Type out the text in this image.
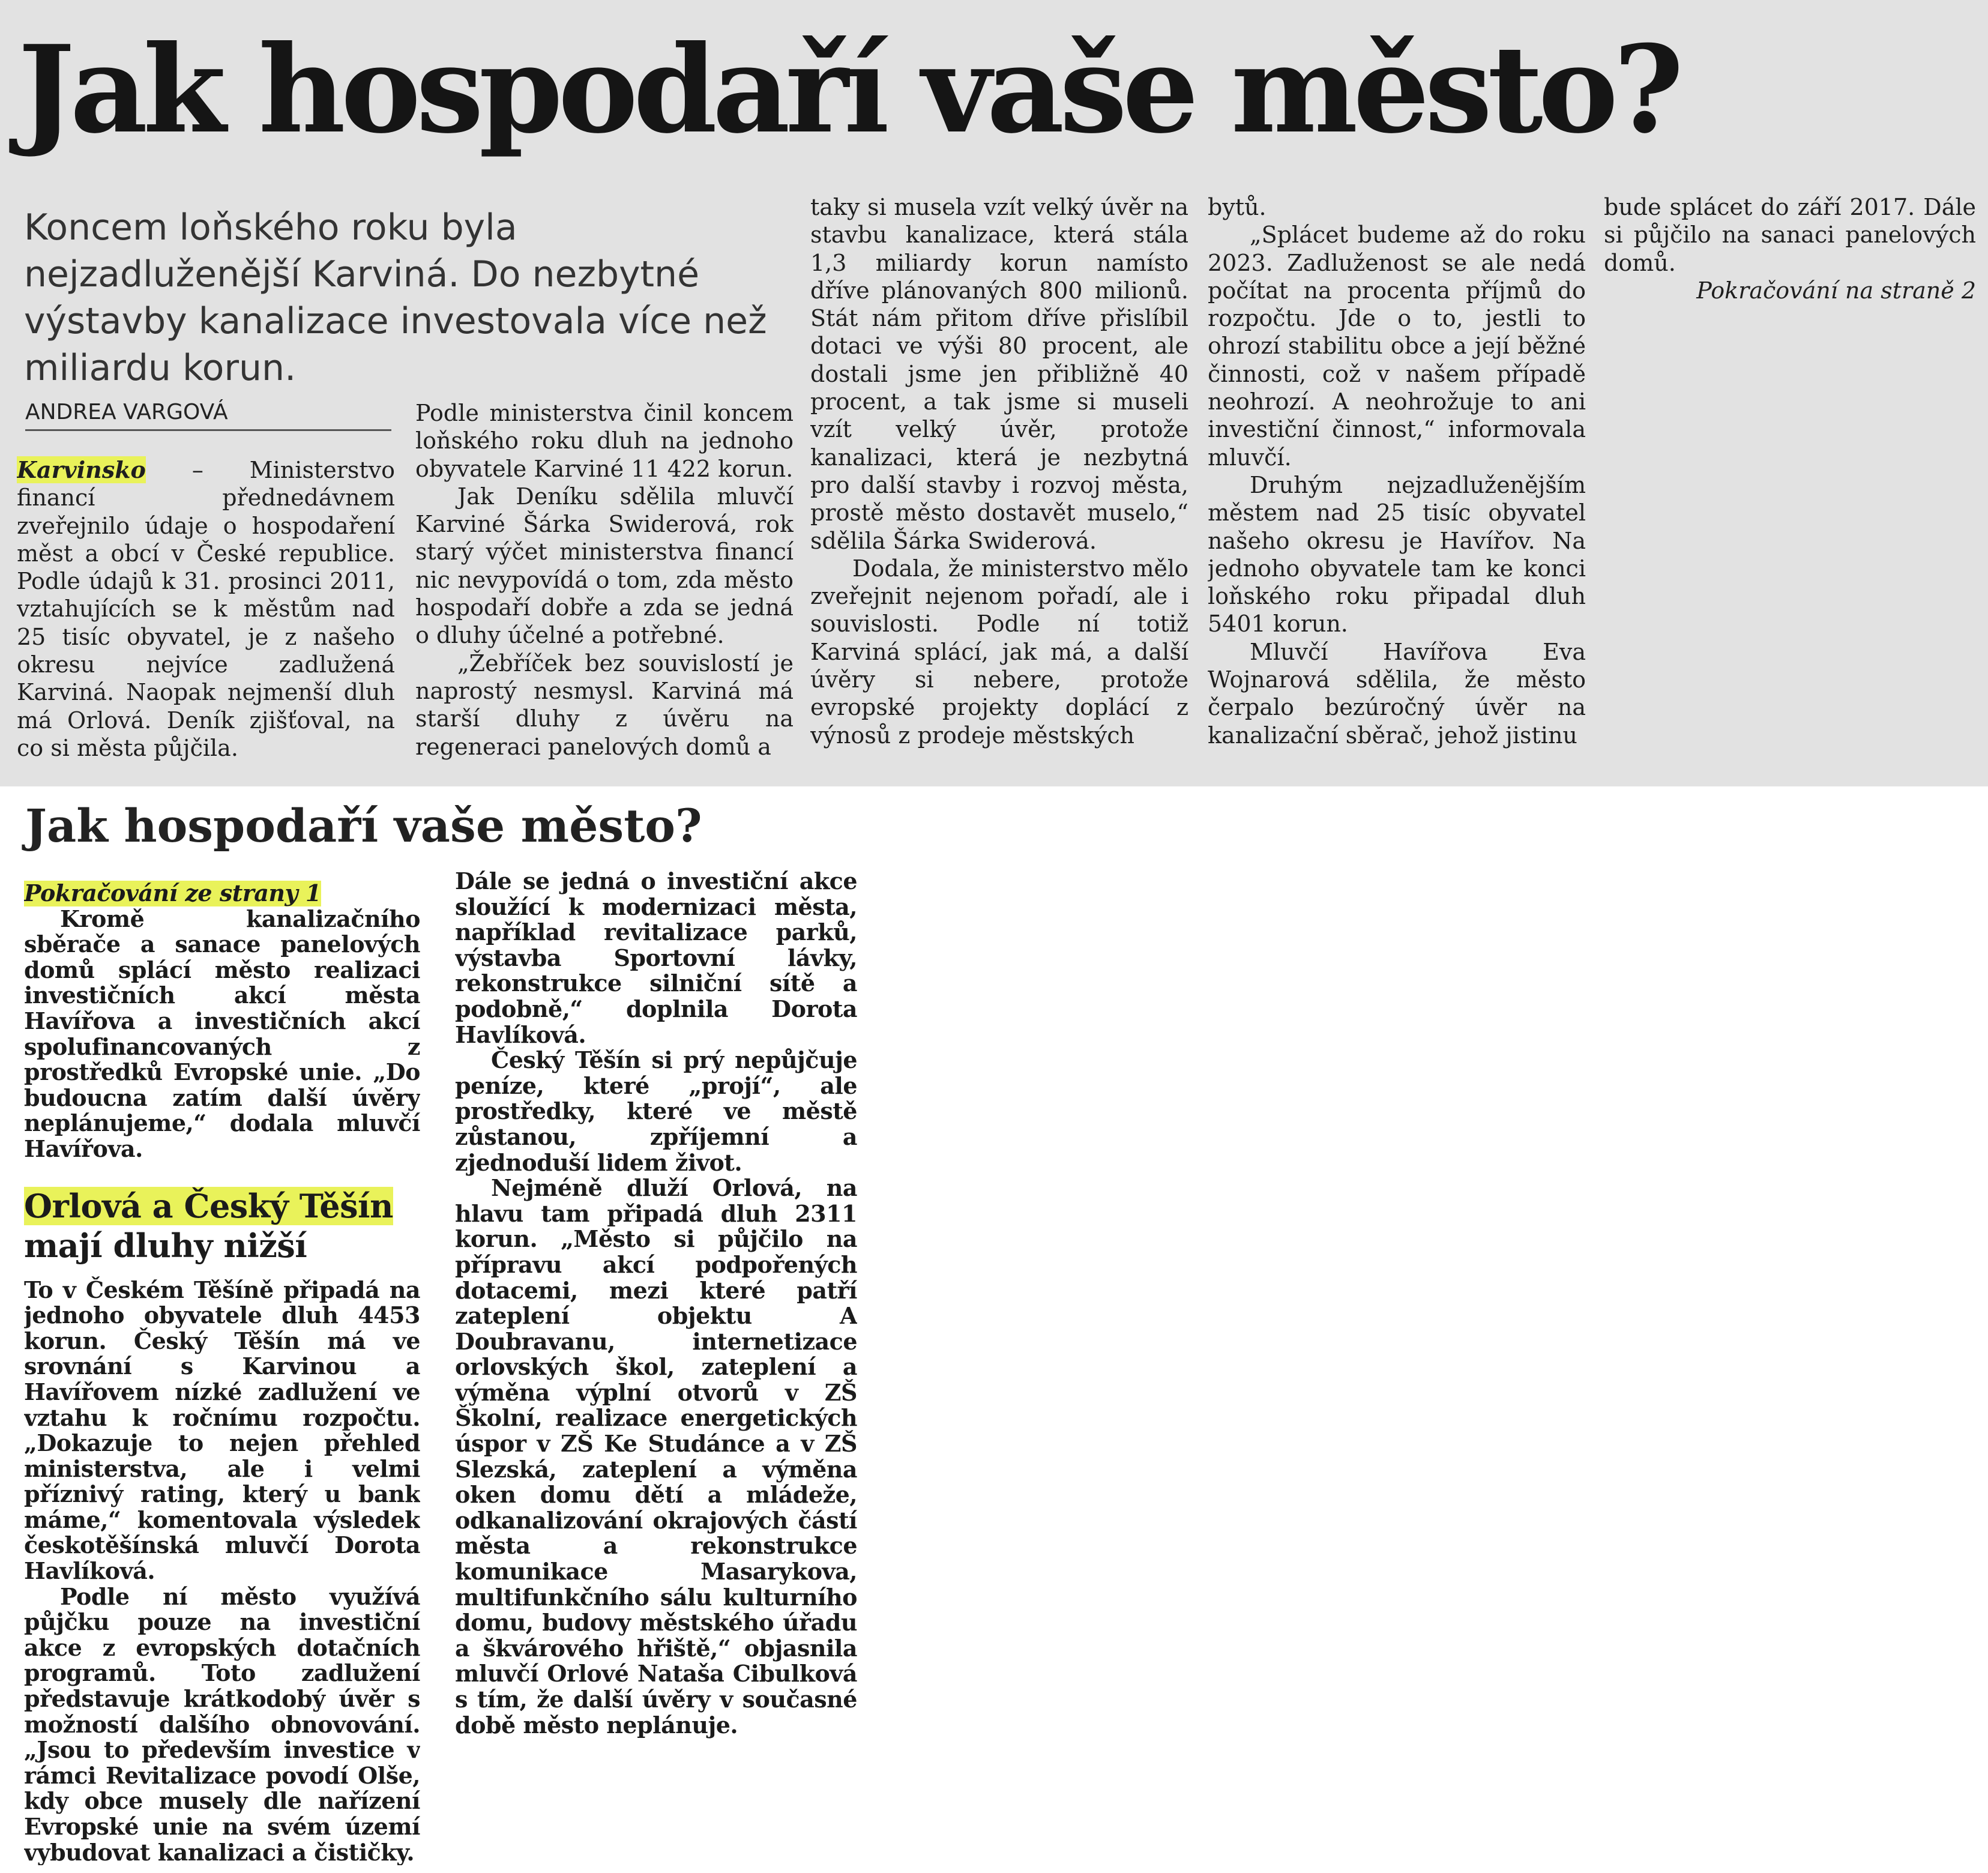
Jak hospodaří vaše město?

Koncem loňského roku byla nejzadluženější Karviná. Do nezbytné výstavby kanalizace investovala více než miliardu korun.

ANDREA VARGOVÁ

Karvinsko – Ministerstvo financí přednedávnem zveřejnilo údaje o hospodaření měst a obcí v České republice. Podle údajů k 31. prosinci 2011, vztahujících se k městům nad 25 tisíc obyvatel, je z našeho okresu nejvíce zadlužená Karviná. Naopak nejmenší dluh má Orlová. Deník zjišťoval, na co si města půjčila.

Podle ministerstva činil koncem loňského roku dluh na jednoho obyvatele Karviné 11 422 korun.

Jak Deníku sdělila mluvčí Karviné Šárka Swiderová, rok starý výčet ministerstva financí nic nevypovídá o tom, zda město hospodaří dobře a zda se jedná o dluhy účelné a potřebné.

„Žebříček bez souvislostí je naprostý nesmysl. Karviná má starší dluhy z úvěru na regeneraci panelových domů a

taky si musela vzít velký úvěr na stavbu kanalizace, která stála 1,3 miliardy korun namísto dříve plánovaných 800 milionů. Stát nám přitom dříve přislíbil dotaci ve výši 80 procent, ale dostali jsme jen přibližně 40 procent, a tak jsme si museli vzít velký úvěr, protože kanalizaci, která je nezbytná pro další stavby i rozvoj města, prostě město dostavět muselo,“ sdělila Šárka Swiderová.

Dodala, že ministerstvo mělo zveřejnit nejenom pořadí, ale i souvislosti. Podle ní totiž Karviná splácí, jak má, a další úvěry si nebere, protože evropské projekty doplácí z výnosů z prodeje městských

bytů.

„Splácet budeme až do roku 2023. Zadluženost se ale nedá počítat na procenta příjmů do rozpočtu. Jde o to, jestli to ohrozí stabilitu obce a její běžné činnosti, což v našem případě neohrozí. A neohrožuje to ani investiční činnost,“ informovala mluvčí.

Druhým nejzadluženějším městem nad 25 tisíc obyvatel našeho okresu je Havířov. Na jednoho obyvatele tam ke konci loňského roku připadal dluh 5401 korun.

Mluvčí Havířova Eva Wojnarová sdělila, že město čerpalo bezúročný úvěr na kanalizační sběrač, jehož jistinu

bude splácet do září 2017. Dále si půjčilo na sanaci panelových domů.

Pokračování na straně 2

Jak hospodaří vaše město?

Pokračování ze strany 1

Kromě kanalizačního sběrače a sanace panelových domů splácí město realizaci investičních akcí města Havířova a investičních akcí spolufinancovaných z prostředků Evropské unie. „Do budoucna zatím další úvěry neplánujeme,“ dodala mluvčí Havířova.

Orlová a Český Těšín

mají dluhy nižší

To v Českém Těšíně připadá na jednoho obyvatele dluh 4453 korun. Český Těšín má ve srovnání s Karvinou a Havířovem nízké zadlužení ve vztahu k ročnímu rozpočtu. „Dokazuje to nejen přehled ministerstva, ale i velmi příznivý rating, který u bank máme,“ komentovala výsledek českotěšínská mluvčí Dorota Havlíková.

Podle ní město využívá půjčku pouze na investiční akce z evropských dotačních programů. Toto zadlužení představuje krátkodobý úvěr s možností dalšího obnovování. „Jsou to především investice v rámci Revitalizace povodí Olše, kdy obce musely dle nařízení Evropské unie na svém území vybudovat kanalizaci a čističky.

Dále se jedná o investiční akce sloužící k modernizaci města, například revitalizace parků, výstavba Sportovní lávky, rekonstrukce silniční sítě a podobně,“ doplnila Dorota Havlíková.

Český Těšín si prý nepůjčuje peníze, které „projí“, ale prostředky, které ve městě zůstanou, zpříjemní a zjednoduší lidem život.

Nejméně dluží Orlová, na hlavu tam připadá dluh 2311 korun. „Město si půjčilo na přípravu akcí podpořených dotacemi, mezi které patří zateplení objektu A Doubravanu, internetizace orlovských škol, zateplení a výměna výplní otvorů v ZŠ Školní, realizace energetických úspor v ZŠ Ke Studánce a v ZŠ Slezská, zateplení a výměna oken domu dětí a mládeže, odkanalizování okrajových částí města a rekonstrukce komunikace Masarykova, multifunkčního sálu kulturního domu, budovy městského úřadu a škvárového hřiště,“ objasnila mluvčí Orlové Nataša Cibulková s tím, že další úvěry v současné době město neplánuje.
